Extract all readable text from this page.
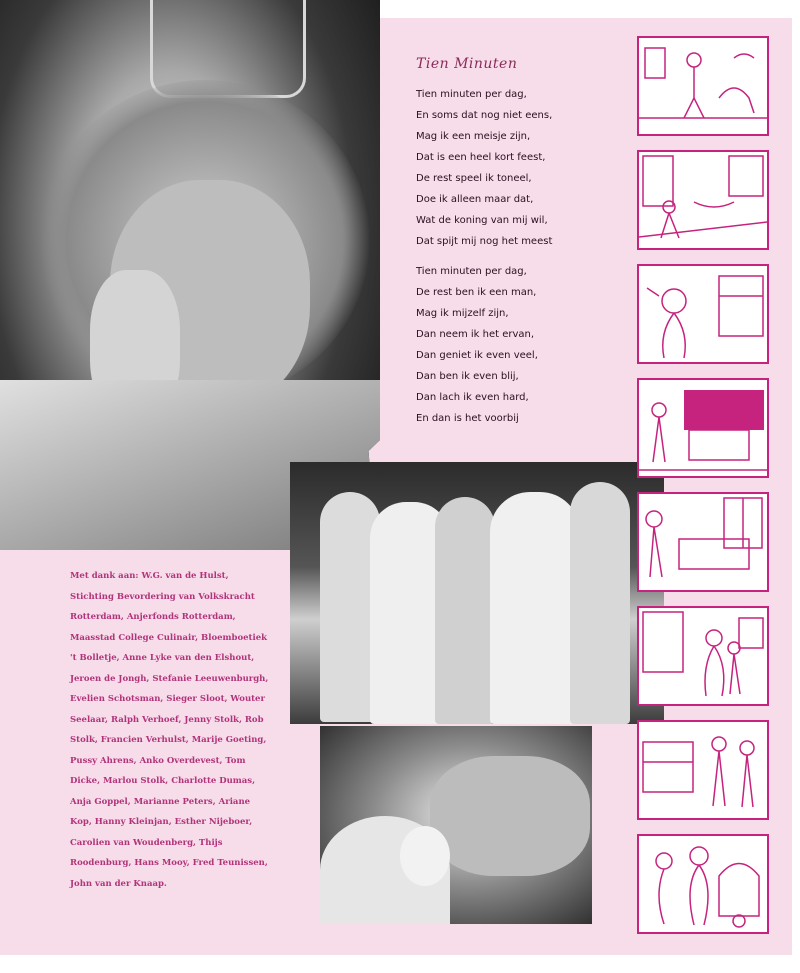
Tien Minuten
Tien minuten per dag,
En soms dat nog niet eens,
Mag ik een meisje zijn,
Dat is een heel kort feest,
De rest speel ik toneel,
Doe ik alleen maar dat,
Wat de koning van mij wil,
Dat spijt mij nog het meest
Tien minuten per dag,
De rest ben ik een man,
Mag ik mijzelf zijn,
Dan neem ik het ervan,
Dan geniet ik even veel,
Dan ben ik even blij,
Dan lach ik even hard,
En dan is het voorbij
Met dank aan: W.G. van de Hulst,
Stichting Bevordering van Volkskracht
Rotterdam, Anjerfonds Rotterdam,
Maasstad College Culinair, Bloemboetiek
't Bolletje, Anne Lyke van den Elshout,
Jeroen de Jongh, Stefanie Leeuwenburgh,
Evelien Schotsman, Sieger Sloot, Wouter
Seelaar, Ralph Verhoef, Jenny Stolk, Rob
Stolk, Francien Verhulst, Marije Goeting,
Pussy Ahrens, Anko Overdevest, Tom
Dicke, Marlou Stolk, Charlotte Dumas,
Anja Goppel, Marianne Peters, Ariane
Kop, Hanny Kleinjan, Esther Nijeboer,
Carolien van Woudenberg, Thijs
Roodenburg, Hans Mooy, Fred Teunissen,
John van der Knaap.
